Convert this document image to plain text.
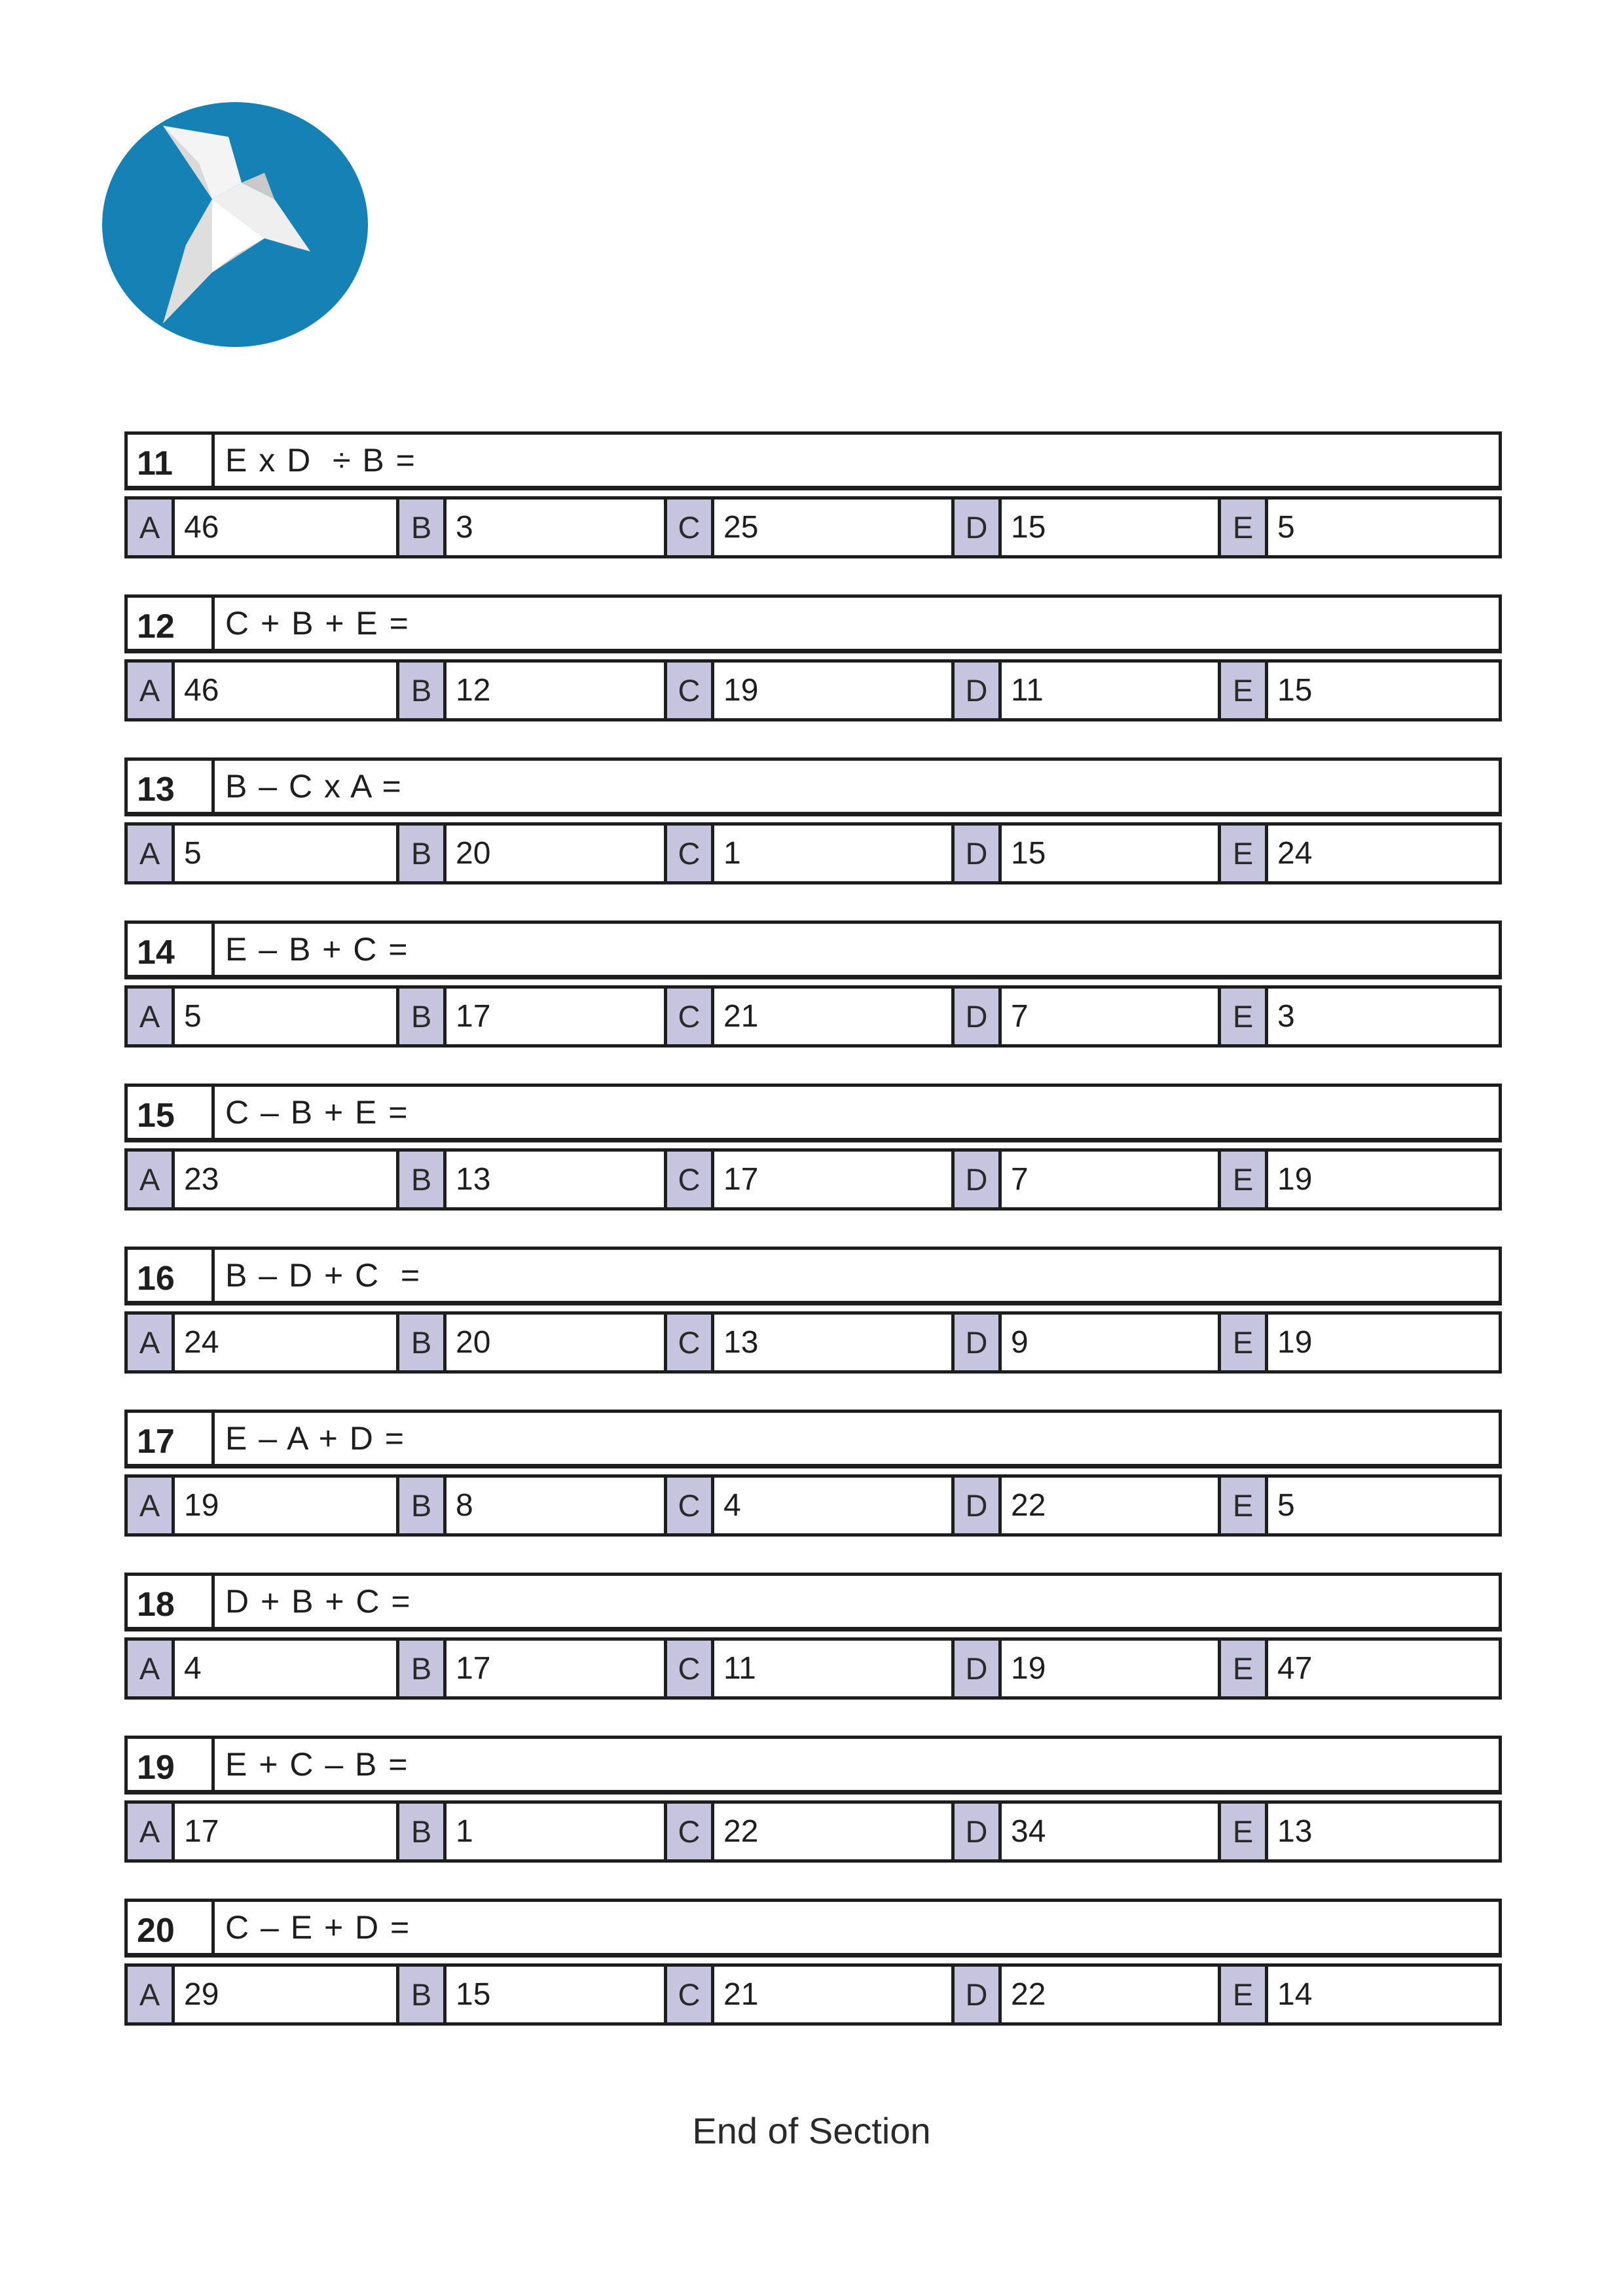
11	E x D  ÷ B =
A 46	B 3	C 25	D 15	E 5
12	C + B + E =
A 46	B 12	C 19	D 11	E 15
13	B – C x A =
A 5	B 20	C 1	D 15	E 24
14	E – B + C =
A 5	B 17	C 21	D 7	E 3
15	C – B + E =
A 23	B 13	C 17	D 7	E 19
16	B – D + C  =
A 24	B 20	C 13	D 9	E 19
17	E – A + D =
A 19	B 8	C 4	D 22	E 5
18	D + B + C =
A 4	B 17	C 11	D 19	E 47
19	E + C – B =
A 17	B 1	C 22	D 34	E 13
20	C – E + D =
A 29	B 15	C 21	D 22	E 14
End of Section
